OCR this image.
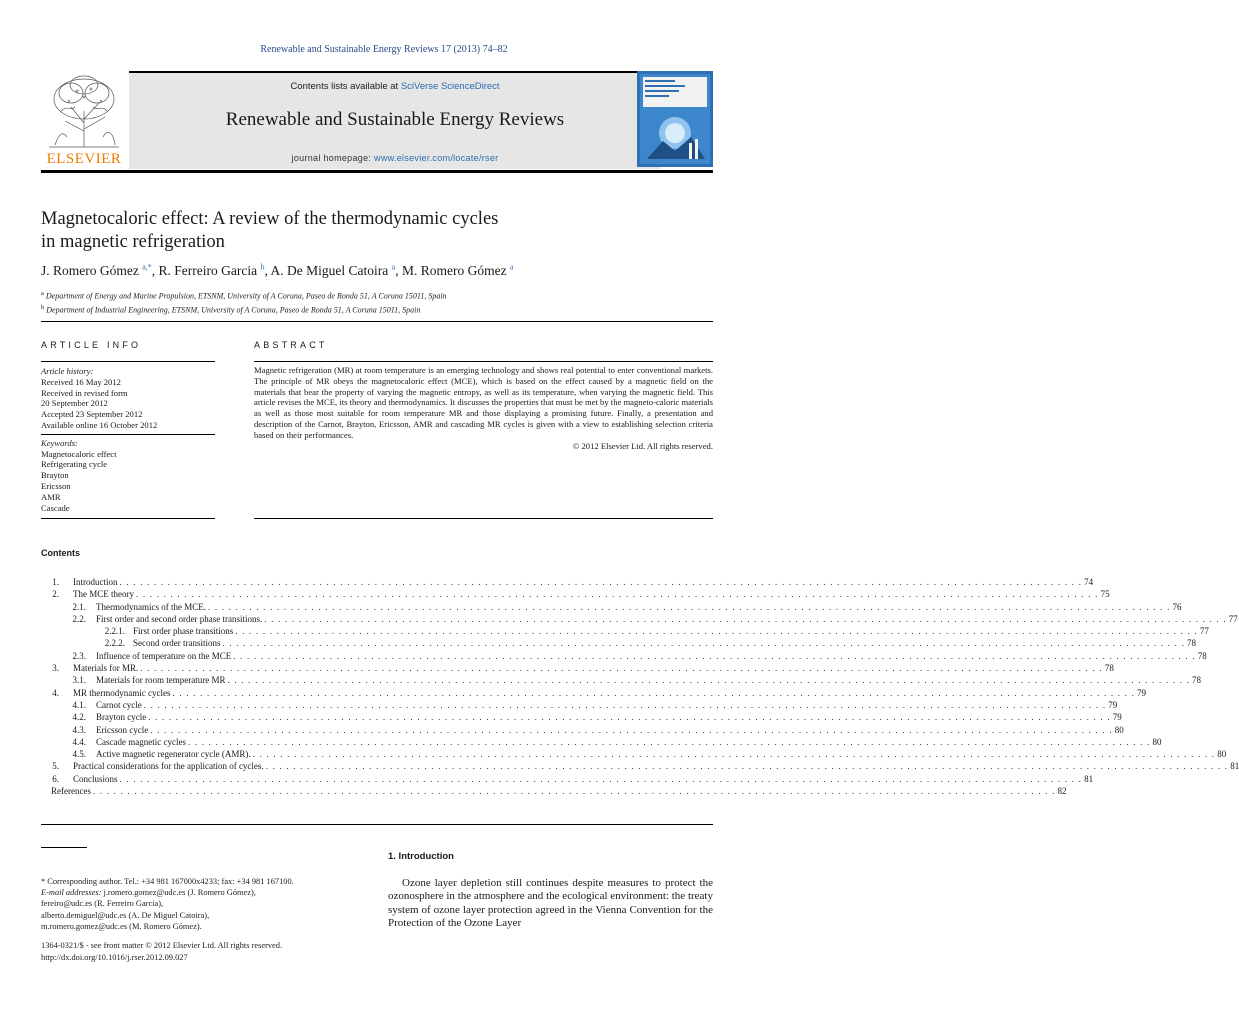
Renewable and Sustainable Energy Reviews 17 (2013) 74–82
ELSEVIER
Contents lists available at SciVerse ScienceDirect
Renewable and Sustainable Energy Reviews
journal homepage: www.elsevier.com/locate/rser
Magnetocaloric effect: A review of the thermodynamic cycles
in magnetic refrigeration
J. Romero Gómez $^{a,*}$, R. Ferreiro Garcia $^b$, A. De Miguel Catoira $^a$, M. Romero Gómez $^a$
$^a$ Department of Energy and Marine Propulsion, ETSNM, University of A Coruna, Paseo de Ronda 51, A Coruna 15011, Spain
$^b$ Department of Industrial Engineering, ETSNM, University of A Coruna, Paseo de Ronda 51, A Coruna 15011, Spain
ARTICLE INFO	ABSTRACT
Article history:
Received 16 May 2012
Received in revised form
20 September 2012
Accepted 23 September 2012
Available online 16 October 2012
Keywords:
Magnetocaloric effect
Refrigerating cycle
Brayton
Ericsson
AMR
Cascade
Magnetic refrigeration (MR) at room temperature is an emerging technology and shows real potential to enter conventional markets. The principle of MR obeys the magnetocaloric effect (MCE), which is based on the effect caused by a magnetic field on the materials that bear the property of varying the magnetic entropy, as well as its temperature, when varying the magnetic field. This article revises the MCE, its theory and thermodynamics. It discusses the properties that must be met by the magneto-caloric materials as well as those most suitable for room temperature MR and those displaying a promising future. Finally, a presentation and description of the Carnot, Brayton, Ericsson, AMR and cascading MR cycles is given with a view to establishing selection criteria based on their performances.
© 2012 Elsevier Ltd. All rights reserved.
Contents
1. Introduction . . . . . . . . . . . . . . . . . . . . . . . . . . . . . . . . . . . . . . . . . . . . . . . . . . . . . . . . . . . . . . . . . . . . . . . . . . . . . . . . . . . . . . . . . . . . . . . . . . . . . . . . . . . . . . . . . . . . . . . . . . . . . . . . . . . . . . . . . . . . 74
2. The MCE theory . . . . . . . . . . . . . . . . . . . . . . . . . . . . . . . . . . . . . . . . . . . . . . . . . . . . . . . . . . . . . . . . . . . . . . . . . . . . . . . . . . . . . . . . . . . . . . . . . . . . . . . . . . . . . . . . . . . . . . . . . . . . . . . . . . . . . . . . . . . . 75
2.1. Thermodynamics of the MCE. . . . . . . . . . . . . . . . . . . . . . . . . . . . . . . . . . . . . . . . . . . . . . . . . . . . . . . . . . . . . . . . . . . . . . . . . . . . . . . . . . . . . . . . . . . . . . . . . . . . . . . . . . . . . . . . . . . . . . . . . . . . . . . . . . . . . . . . . . . . . 76
2.2. First order and second order phase transitions. . . . . . . . . . . . . . . . . . . . . . . . . . . . . . . . . . . . . . . . . . . . . . . . . . . . . . . . . . . . . . . . . . . . . . . . . . . . . . . . . . . . . . . . . . . . . . . . . . . . . . . . . . . . . . . . . . . . . . . . . . . . . . . . . . . . . . . . . . . . . 77
2.2.1. First order phase transitions . . . . . . . . . . . . . . . . . . . . . . . . . . . . . . . . . . . . . . . . . . . . . . . . . . . . . . . . . . . . . . . . . . . . . . . . . . . . . . . . . . . . . . . . . . . . . . . . . . . . . . . . . . . . . . . . . . . . . . . . . . . . . . . . . . . . . . . . . . . . 77
2.2.2. Second order transitions . . . . . . . . . . . . . . . . . . . . . . . . . . . . . . . . . . . . . . . . . . . . . . . . . . . . . . . . . . . . . . . . . . . . . . . . . . . . . . . . . . . . . . . . . . . . . . . . . . . . . . . . . . . . . . . . . . . . . . . . . . . . . . . . . . . . . . . . . . . . 78
2.3. Influence of temperature on the MCE . . . . . . . . . . . . . . . . . . . . . . . . . . . . . . . . . . . . . . . . . . . . . . . . . . . . . . . . . . . . . . . . . . . . . . . . . . . . . . . . . . . . . . . . . . . . . . . . . . . . . . . . . . . . . . . . . . . . . . . . . . . . . . . . . . . . . . . . . . . . 78
3. Materials for MR. . . . . . . . . . . . . . . . . . . . . . . . . . . . . . . . . . . . . . . . . . . . . . . . . . . . . . . . . . . . . . . . . . . . . . . . . . . . . . . . . . . . . . . . . . . . . . . . . . . . . . . . . . . . . . . . . . . . . . . . . . . . . . . . . . . . . . . . . . . . . 78
3.1. Materials for room temperature MR . . . . . . . . . . . . . . . . . . . . . . . . . . . . . . . . . . . . . . . . . . . . . . . . . . . . . . . . . . . . . . . . . . . . . . . . . . . . . . . . . . . . . . . . . . . . . . . . . . . . . . . . . . . . . . . . . . . . . . . . . . . . . . . . . . . . . . . . . . . . 78
4. MR thermodynamic cycles . . . . . . . . . . . . . . . . . . . . . . . . . . . . . . . . . . . . . . . . . . . . . . . . . . . . . . . . . . . . . . . . . . . . . . . . . . . . . . . . . . . . . . . . . . . . . . . . . . . . . . . . . . . . . . . . . . . . . . . . . . . . . . . . . . . . . . . . . . . . 79
4.1. Carnot cycle . . . . . . . . . . . . . . . . . . . . . . . . . . . . . . . . . . . . . . . . . . . . . . . . . . . . . . . . . . . . . . . . . . . . . . . . . . . . . . . . . . . . . . . . . . . . . . . . . . . . . . . . . . . . . . . . . . . . . . . . . . . . . . . . . . . . . . . . . . . . 79
4.2. Brayton cycle . . . . . . . . . . . . . . . . . . . . . . . . . . . . . . . . . . . . . . . . . . . . . . . . . . . . . . . . . . . . . . . . . . . . . . . . . . . . . . . . . . . . . . . . . . . . . . . . . . . . . . . . . . . . . . . . . . . . . . . . . . . . . . . . . . . . . . . . . . . . 79
4.3. Ericsson cycle . . . . . . . . . . . . . . . . . . . . . . . . . . . . . . . . . . . . . . . . . . . . . . . . . . . . . . . . . . . . . . . . . . . . . . . . . . . . . . . . . . . . . . . . . . . . . . . . . . . . . . . . . . . . . . . . . . . . . . . . . . . . . . . . . . . . . . . . . . . . 80
4.4. Cascade magnetic cycles . . . . . . . . . . . . . . . . . . . . . . . . . . . . . . . . . . . . . . . . . . . . . . . . . . . . . . . . . . . . . . . . . . . . . . . . . . . . . . . . . . . . . . . . . . . . . . . . . . . . . . . . . . . . . . . . . . . . . . . . . . . . . . . . . . . . . . . . . . . . 80
4.5. Active magnetic regenerator cycle (AMR). . . . . . . . . . . . . . . . . . . . . . . . . . . . . . . . . . . . . . . . . . . . . . . . . . . . . . . . . . . . . . . . . . . . . . . . . . . . . . . . . . . . . . . . . . . . . . . . . . . . . . . . . . . . . . . . . . . . . . . . . . . . . . . . . . . . . . . . . . . . . 80
5. Practical considerations for the application of cycles. . . . . . . . . . . . . . . . . . . . . . . . . . . . . . . . . . . . . . . . . . . . . . . . . . . . . . . . . . . . . . . . . . . . . . . . . . . . . . . . . . . . . . . . . . . . . . . . . . . . . . . . . . . . . . . . . . . . . . . . . . . . . . . . . . . . . . . . . . . . . 81
6. Conclusions . . . . . . . . . . . . . . . . . . . . . . . . . . . . . . . . . . . . . . . . . . . . . . . . . . . . . . . . . . . . . . . . . . . . . . . . . . . . . . . . . . . . . . . . . . . . . . . . . . . . . . . . . . . . . . . . . . . . . . . . . . . . . . . . . . . . . . . . . . . . 81
References . . . . . . . . . . . . . . . . . . . . . . . . . . . . . . . . . . . . . . . . . . . . . . . . . . . . . . . . . . . . . . . . . . . . . . . . . . . . . . . . . . . . . . . . . . . . . . . . . . . . . . . . . . . . . . . . . . . . . . . . . . . . . . . . . . . . . . . . . . . . 82
* Corresponding author. Tel.: +34 981 167000x4233; fax: +34 981 167100.
E-mail addresses: j.romero.gomez@udc.es (J. Romero Gómez),
fereiro@udc.es (R. Ferreiro Garcia),
alberto.demiguel@udc.es (A. De Miguel Catoira),
m.romero.gomez@udc.es (M. Romero Gómez).
1364-0321/$ - see front matter © 2012 Elsevier Ltd. All rights reserved.
http://dx.doi.org/10.1016/j.rser.2012.09.027
1. Introduction
Ozone layer depletion still continues despite measures to protect the ozonosphere in the atmosphere and the ecological environment: the treaty system of ozone layer protection agreed in the Vienna Convention for the Protection of the Ozone Layer
